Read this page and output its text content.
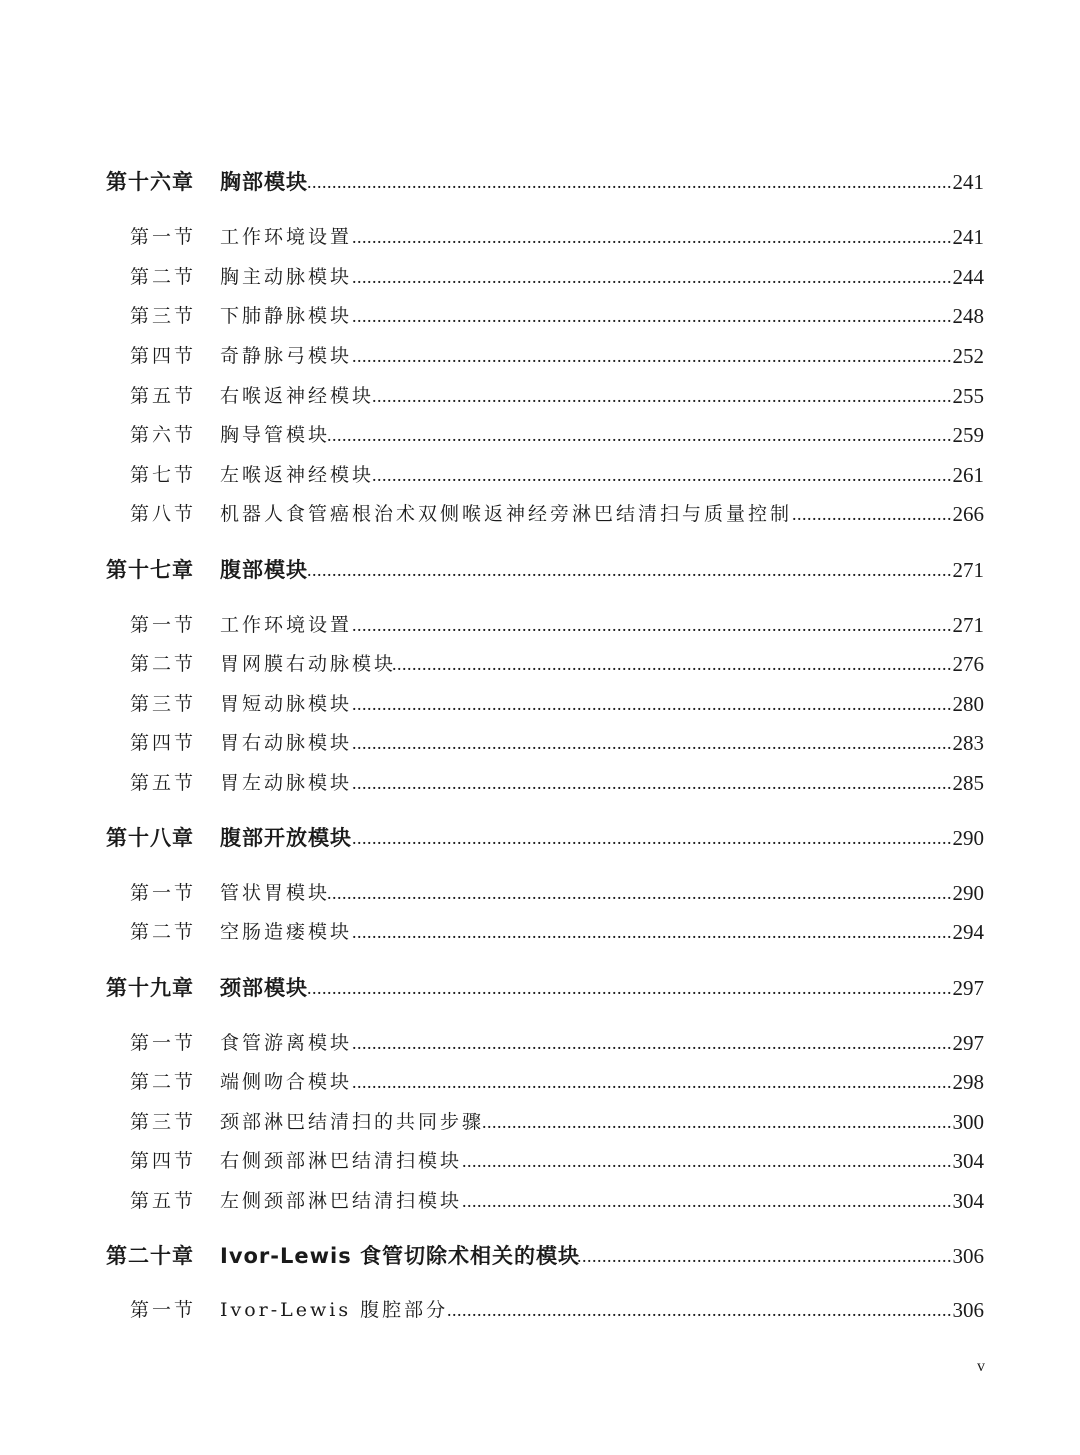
第十六章 胸部模块 ................................................................................................................................. 241
第一节 工作环境设置 ........................................................................................................................ 241
第二节 胸主动脉模块 ........................................................................................................................ 244
第三节 下肺静脉模块 ........................................................................................................................ 248
第四节 奇静脉弓模块 ........................................................................................................................ 252
第五节 右喉返神经模块
.................................................................................................................... 255
第六节 胸导管模块
............................................................................................................................. 259
第七节 左喉返神经模块
.................................................................................................................... 261
第八节 机器人食管癌根治术双侧喉返神经旁淋巴结清扫与质量控制 ................................ 266
第十七章 腹部模块 ................................................................................................................................. 271
第一节 工作环境设置 ........................................................................................................................ 271
第二节 胃网膜右动脉模块
................................................................................................................ 276
第三节 胃短动脉模块 ........................................................................................................................ 280
第四节 胃右动脉模块 ........................................................................................................................ 283
第五节 胃左动脉模块 ........................................................................................................................ 285
第十八章 腹部开放模块 ........................................................................................................................ 290
第一节 管状胃模块
............................................................................................................................. 290
第二节 空肠造瘘模块 ........................................................................................................................ 294
第十九章 颈部模块 ................................................................................................................................. 297
第一节 食管游离模块 ........................................................................................................................ 297
第二节 端侧吻合模块 ........................................................................................................................ 298
第三节 颈部淋巴结清扫的共同步骤
.............................................................................................. 300
第四节 右侧颈部淋巴结清扫模块 .................................................................................................. 304
第五节 左侧颈部淋巴结清扫模块 .................................................................................................. 304
第二十章 Ivor-Lewis 食管切除术相关的模块
........................................................................... 306
第一节 Ivor-Lewis 腹腔部分
..................................................................................................... 306
v
